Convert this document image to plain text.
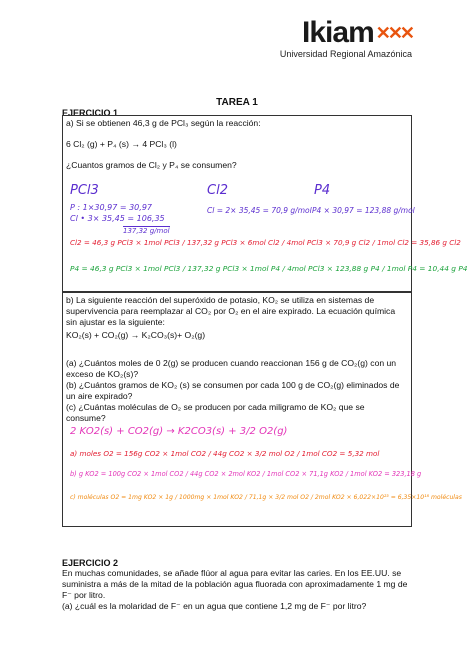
Ikiam ✕✕✕
Universidad Regional Amazónica
TAREA 1
EJERCICIO 1
a) Si se obtienen 46,3 g de PCl₃ según la reacción:
6 Cl₂ (g) + P₄ (s) → 4 PCl₃ (l)
¿Cuantos gramos de Cl₂ y P₄ se consumen?
PCl3	Cl2	P4
P : 1×30,97 = 30,97
Cl • 3× 35,45 = 106,35
137,32 g/mol
Cl = 2× 35,45 = 70,9 g/mol P4 × 30,97 = 123,88 g/mol
Cl2 = 46,3 g PCl3 × 1mol PCl3 / 137,32 g PCl3 × 6mol Cl2 / 4mol PCl3 × 70,9 g Cl2 / 1mol Cl2 = 35,86 g Cl2
P4 = 46,3 g PCl3 × 1mol PCl3 / 137,32 g PCl3 × 1mol P4 / 4mol PCl3 × 123,88 g P4 / 1mol P4 = 10,44 g P4
b) La siguiente reacción del superóxido de potasio, KO₂ se utiliza en sistemas de supervivencia para reemplazar al CO₂ por O₂ en el aire expirado. La ecuación química sin ajustar es la siguiente:
KO₂(s) + CO₂(g) → K₂CO₃(s)+ O₂(g)
(a) ¿Cuántos moles de 0 2(g) se producen cuando reaccionan 156 g de CO₂(g) con un exceso de KO₂(s)?
(b) ¿Cuántos gramos de KO₂ (s) se consumen por cada 100 g de CO₂(g) eliminados de un aire expirado?
(c) ¿Cuántas moléculas de O₂ se producen por cada miligramo de KO₂ que se consume?
2 KO2(s) + CO2(g) → K2CO3(s) + 3/2 O2(g)
a) moles O2 = 156g CO2 × 1mol CO2 / 44g CO2 × 3/2 mol O2 / 1mol CO2 = 5,32 mol
b) g KO2 = 100g CO2 × 1mol CO2 / 44g CO2 × 2mol KO2 / 1mol CO2 × 71,1g KO2 / 1mol KO2 = 323,18 g
c) moléculas O2 = 1mg KO2 × 1g / 1000mg × 1mol KO2 / 71,1g × 3/2 mol O2 / 2mol KO2 × 6,022×10²³ = 6,35×10¹⁸ moléculas
EJERCICIO 2
En muchas comunidades, se añade flúor al agua para evitar las caries. En los EE.UU. se suministra a más de la mitad de la población agua fluorada con aproximadamente 1 mg de F⁻ por litro.
(a) ¿cuál es la molaridad de F⁻ en un agua que contiene 1,2 mg de F⁻ por litro?
